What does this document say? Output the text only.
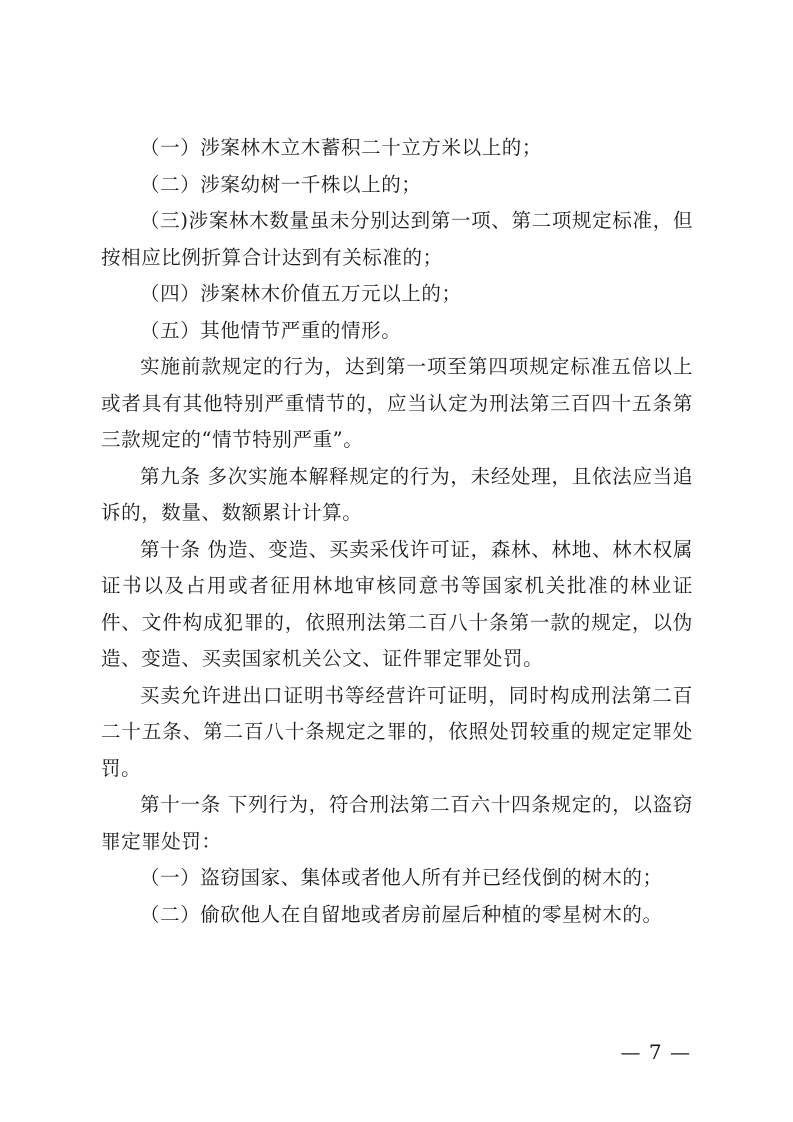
（一）涉案林木立木蓄积二十立方米以上的；

（二）涉案幼树一千株以上的；

（三)涉案林木数量虽未分别达到第一项、第二项规定标准，但按相应比例折算合计达到有关标准的；

（四）涉案林木价值五万元以上的；

（五）其他情节严重的情形。

实施前款规定的行为，达到第一项至第四项规定标准五倍以上或者具有其他特别严重情节的，应当认定为刑法第三百四十五条第三款规定的“情节特别严重”。

第九条 多次实施本解释规定的行为，未经处理，且依法应当追诉的，数量、数额累计计算。

第十条 伪造、变造、买卖采伐许可证，森林、林地、林木权属证书以及占用或者征用林地审核同意书等国家机关批准的林业证件、文件构成犯罪的，依照刑法第二百八十条第一款的规定，以伪造、变造、买卖国家机关公文、证件罪定罪处罚。

买卖允许进出口证明书等经营许可证明，同时构成刑法第二百二十五条、第二百八十条规定之罪的，依照处罚较重的规定定罪处罚。

第十一条 下列行为，符合刑法第二百六十四条规定的，以盗窃罪定罪处罚：

（一）盗窃国家、集体或者他人所有并已经伐倒的树木的；

（二）偷砍他人在自留地或者房前屋后种植的零星树木的。

— 7 —
